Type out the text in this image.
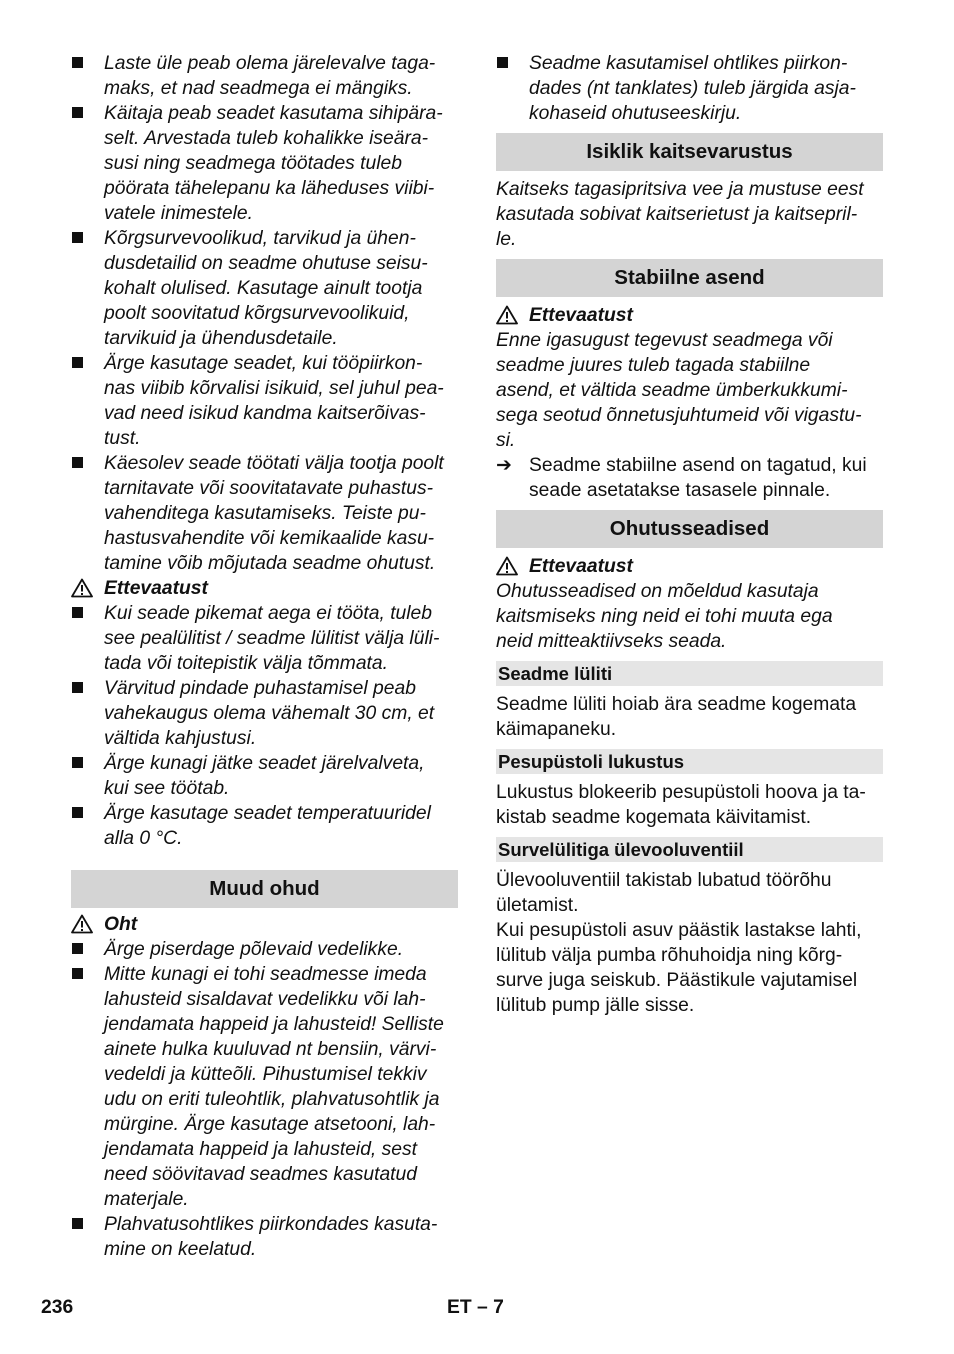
Laste üle peab olema järelevalve taga-
maks, et nad seadmega ei mängiks.
Käitaja peab seadet kasutama sihipära-
selt. Arvestada tuleb kohalikke iseära-
susi ning seadmega töötades tuleb
pöörata tähelepanu ka läheduses viibi-
vatele inimestele.
Kõrgsurvevoolikud, tarvikud ja ühen-
dusdetailid on seadme ohutuse seisu-
kohalt olulised. Kasutage ainult tootja
poolt soovitatud kõrgsurvevoolikuid,
tarvikuid ja ühendusdetaile.
Ärge kasutage seadet, kui tööpiirkon-
nas viibib kõrvalisi isikuid, sel juhul pea-
vad need isikud kandma kaitserõivas-
tust.
Käesolev seade töötati välja tootja poolt
tarnitavate või soovitatavate puhastus-
vahenditega kasutamiseks. Teiste pu-
hastusvahendite või kemikaalide kasu-
tamine võib mõjutada seadme ohutust.
Ettevaatust
Kui seade pikemat aega ei tööta, tuleb
see pealülitist / seadme lülitist välja lüli-
tada või toitepistik välja tõmmata.
Värvitud pindade puhastamisel peab
vahekaugus olema vähemalt 30 cm, et
vältida kahjustusi.
Ärge kunagi jätke seadet järelvalveta,
kui see töötab.
Ärge kasutage seadet temperatuuridel
alla 0 °C.
Muud ohud
Oht
Ärge piserdage põlevaid vedelikke.
Mitte kunagi ei tohi seadmesse imeda
lahusteid sisaldavat vedelikku või lah-
jendamata happeid ja lahusteid! Selliste
ainete hulka kuuluvad nt bensiin, värvi-
vedeldi ja kütteõli. Pihustumisel tekkiv
udu on eriti tuleohtlik, plahvatusohtlik ja
mürgine. Ärge kasutage atsetooni, lah-
jendamata happeid ja lahusteid, sest
need söövitavad seadmes kasutatud
materjale.
Plahvatusohtlikes piirkondades kasuta-
mine on keelatud.
Seadme kasutamisel ohtlikes piirkon-
dades (nt tanklates) tuleb järgida asja-
kohaseid ohutuseeskirju.
Isiklik kaitsevarustus

Kaitseks tagasipritsiva vee ja mustuse eest
kasutada sobivat kaitserietust ja kaitsepril-
le.

Stabiilne asend
Ettevaatust

Enne igasugust tegevust seadmega või
seadme juures tuleb tagada stabiilne
asend, et vältida seadme ümberkukkumi-
sega seotud õnnetusjuhtumeid või vigastu-
si.

➔ Seadme stabiilne asend on tagatud, kui
seade asetatakse tasasele pinnale.
Ohutusseadised
Ettevaatust

Ohutusseadised on mõeldud kasutaja
kaitsmiseks ning neid ei tohi muuta ega
neid mitteaktiivseks seada.

Seadme lüliti

Seadme lüliti hoiab ära seadme kogemata
käimapaneku.

Pesupüstoli lukustus

Lukustus blokeerib pesupüstoli hoova ja ta-
kistab seadme kogemata käivitamist.

Survelülitiga ülevooluventiil

Ülevooluventiil takistab lubatud töörõhu
ületamist.

Kui pesupüstoli asuv päästik lastakse lahti,
lülitub välja pumba rõhuhoidja ning kõrg-
surve juga seiskub. Päästikule vajutamisel
lülitub pump jälle sisse.

236	ET – 7
